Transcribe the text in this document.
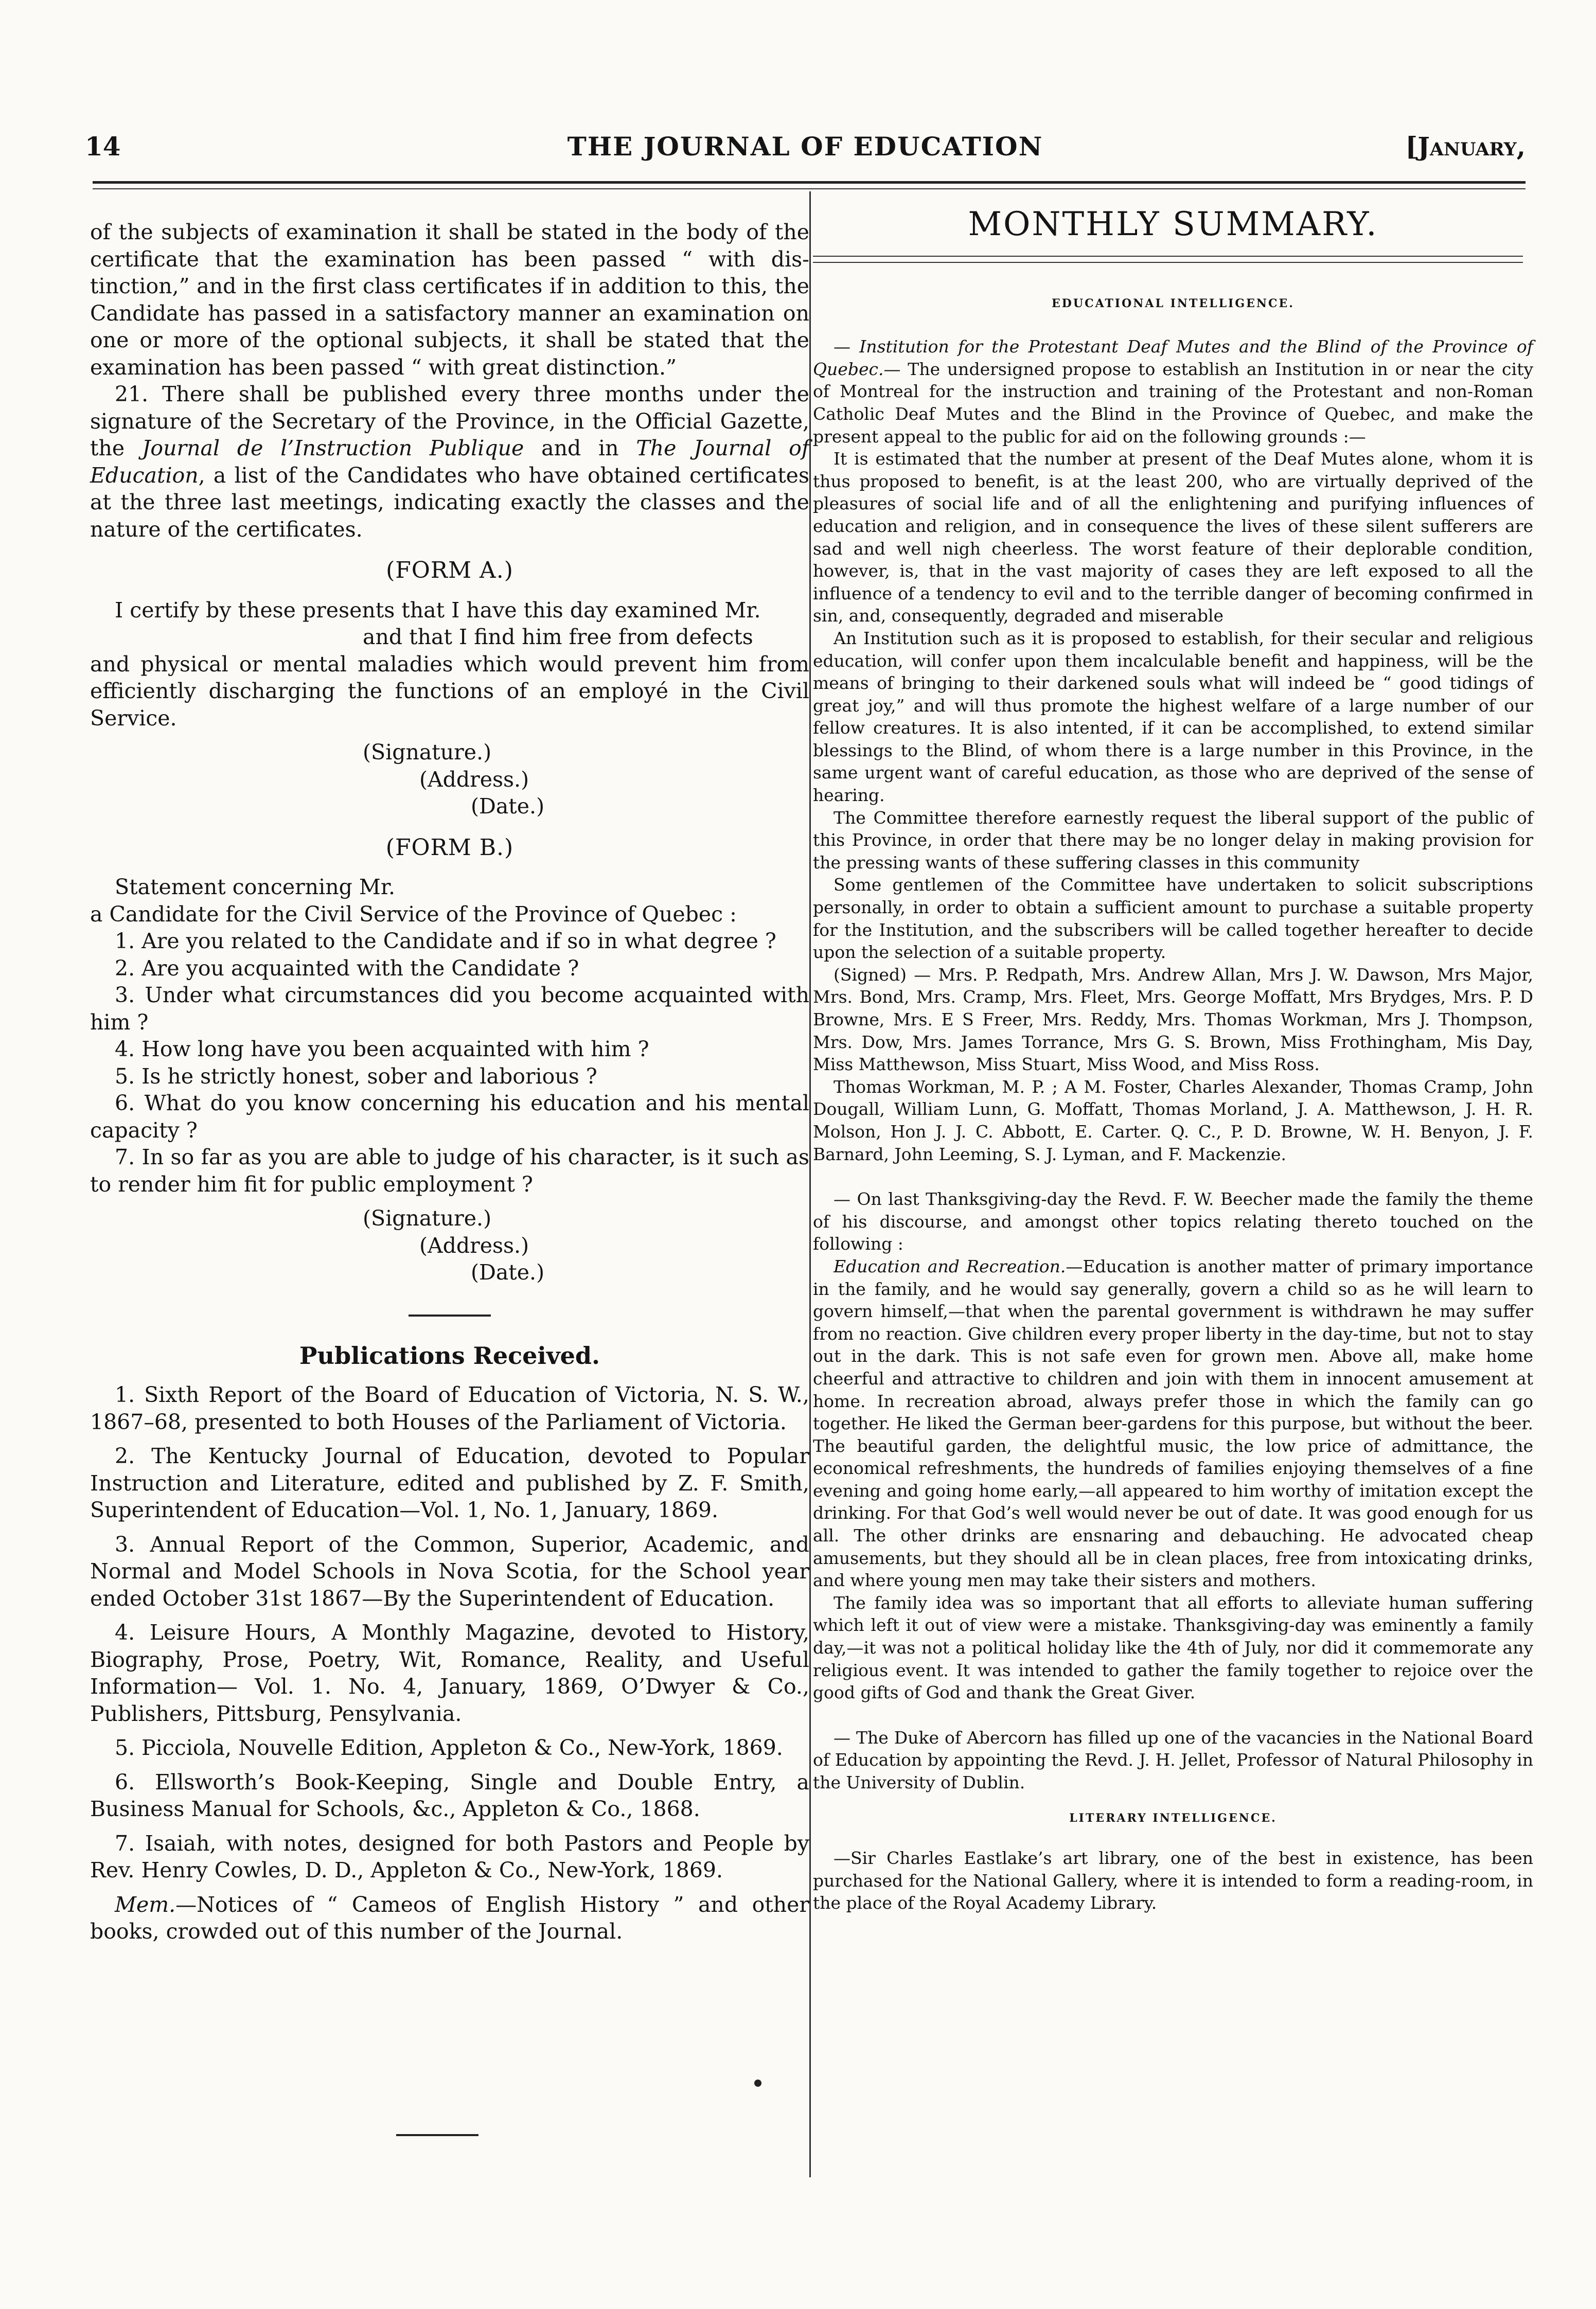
14	THE JOURNAL OF EDUCATION	[January,

of the subjects of examination it shall be stated in the body of the certificate that the examination has been passed “ with distinction,” and in the first class certificates if in addition to this, the Candidate has passed in a satisfactory manner an examination on one or more of the optional subjects, it shall be stated that the examination has been passed “ with great distinction.”

21. There shall be published every three months under the signature of the Secretary of the Province, in the Official Gazette, the Journal de l’Instruction Publique and in The Journal of Education, a list of the Candidates who have obtained certificates at the three last meetings, indicating exactly the classes and the nature of the certificates.

(FORM A.)

I certify by these presents that I have this day examined Mr.

and that I find him free from defects

and physical or mental maladies which would prevent him from efficiently discharging the functions of an employé in the Civil Service.

(Signature.)

(Address.)

(Date.)

(FORM B.)

Statement concerning Mr.

a Candidate for the Civil Service of the Province of Quebec :

1. Are you related to the Candidate and if so in what degree ?

2. Are you acquainted with the Candidate ?

3. Under what circumstances did you become acquainted with him ?

4. How long have you been acquainted with him ?

5. Is he strictly honest, sober and laborious ?

6. What do you know concerning his education and his mental capacity ?

7. In so far as you are able to judge of his character, is it such as to render him fit for public employment ?

(Signature.)

(Address.)

(Date.)

Publications Received.

1. Sixth Report of the Board of Education of Victoria, N. S. W., 1867–68, presented to both Houses of the Parliament of Victoria.

2. The Kentucky Journal of Education, devoted to Popular Instruction and Literature, edited and published by Z. F. Smith, Superintendent of Education—Vol. 1, No. 1, January, 1869.

3. Annual Report of the Common, Superior, Academic, and Normal and Model Schools in Nova Scotia, for the School year ended October 31st 1867—By the Superintendent of Education.

4. Leisure Hours, A Monthly Magazine, devoted to History, Biography, Prose, Poetry, Wit, Romance, Reality, and Useful Information— Vol. 1. No. 4, January, 1869, O’Dwyer & Co., Publishers, Pittsburg, Pensylvania.

5. Picciola, Nouvelle Edition, Appleton & Co., New-York, 1869.

6. Ellsworth’s Book-Keeping, Single and Double Entry, a Business Manual for Schools, &c., Appleton & Co., 1868.

7. Isaiah, with notes, designed for both Pastors and People by Rev. Henry Cowles, D. D., Appleton & Co., New-York, 1869.

Mem.—Notices of “ Cameos of English History ” and other books, crowded out of this number of the Journal.

MONTHLY SUMMARY.
EDUCATIONAL INTELLIGENCE.

— Institution for the Protestant Deaf Mutes and the Blind of the Province of Quebec.— The undersigned propose to establish an Institution in or near the city of Montreal for the instruction and training of the Protestant and non-Roman Catholic Deaf Mutes and the Blind in the Province of Quebec, and make the present appeal to the public for aid on the following grounds :—

It is estimated that the number at present of the Deaf Mutes alone, whom it is thus proposed to benefit, is at the least 200, who are virtually deprived of the pleasures of social life and of all the enlightening and purifying influences of education and religion, and in consequence the lives of these silent sufferers are sad and well nigh cheerless. The worst feature of their deplorable condition, however, is, that in the vast majority of cases they are left exposed to all the influence of a tendency to evil and to the terrible danger of becoming confirmed in sin, and, consequently, degraded and miserable

An Institution such as it is proposed to establish, for their secular and religious education, will confer upon them incalculable benefit and happiness, will be the means of bringing to their darkened souls what will indeed be “ good tidings of great joy,” and will thus promote the highest welfare of a large number of our fellow creatures. It is also intented, if it can be accomplished, to extend similar blessings to the Blind, of whom there is a large number in this Province, in the same urgent want of careful education, as those who are deprived of the sense of hearing.

The Committee therefore earnestly request the liberal support of the public of this Province, in order that there may be no longer delay in making provision for the pressing wants of these suffering classes in this community

Some gentlemen of the Committee have undertaken to solicit subscriptions personally, in order to obtain a sufficient amount to purchase a suitable property for the Institution, and the subscribers will be called together hereafter to decide upon the selection of a suitable property.

(Signed) — Mrs. P. Redpath, Mrs. Andrew Allan, Mrs J. W. Dawson, Mrs Major, Mrs. Bond, Mrs. Cramp, Mrs. Fleet, Mrs. George Moffatt, Mrs Brydges, Mrs. P. D Browne, Mrs. E S Freer, Mrs. Reddy, Mrs. Thomas Workman, Mrs J. Thompson, Mrs. Dow, Mrs. James Torrance, Mrs G. S. Brown, Miss Frothingham, Mis Day, Miss Matthewson, Miss Stuart, Miss Wood, and Miss Ross.

Thomas Workman, M. P. ; A M. Foster, Charles Alexander, Thomas Cramp, John Dougall, William Lunn, G. Moffatt, Thomas Morland, J. A. Matthewson, J. H. R. Molson, Hon J. J. C. Abbott, E. Carter. Q. C., P. D. Browne, W. H. Benyon, J. F. Barnard, John Leeming, S. J. Lyman, and F. Mackenzie.

— On last Thanksgiving-day the Revd. F. W. Beecher made the family the theme of his discourse, and amongst other topics relating thereto touched on the following :

Education and Recreation.—Education is another matter of primary importance in the family, and he would say generally, govern a child so as he will learn to govern himself,—that when the parental government is withdrawn he may suffer from no reaction. Give children every proper liberty in the day-time, but not to stay out in the dark. This is not safe even for grown men. Above all, make home cheerful and attractive to children and join with them in innocent amusement at home. In recreation abroad, always prefer those in which the family can go together. He liked the German beer-gardens for this purpose, but without the beer. The beautiful garden, the delightful music, the low price of admittance, the economical refreshments, the hundreds of families enjoying themselves of a fine evening and going home early,—all appeared to him worthy of imitation except the drinking. For that God’s well would never be out of date. It was good enough for us all. The other drinks are ensnaring and debauching. He advocated cheap amusements, but they should all be in clean places, free from intoxicating drinks, and where young men may take their sisters and mothers.

The family idea was so important that all efforts to alleviate human suffering which left it out of view were a mistake. Thanksgiving-day was eminently a family day,—it was not a political holiday like the 4th of July, nor did it commemorate any religious event. It was intended to gather the family together to rejoice over the good gifts of God and thank the Great Giver.

— The Duke of Abercorn has filled up one of the vacancies in the National Board of Education by appointing the Revd. J. H. Jellet, Professor of Natural Philosophy in the University of Dublin.

LITERARY INTELLIGENCE.

—Sir Charles Eastlake’s art library, one of the best in existence, has been purchased for the National Gallery, where it is intended to form a reading-room, in the place of the Royal Academy Library.
